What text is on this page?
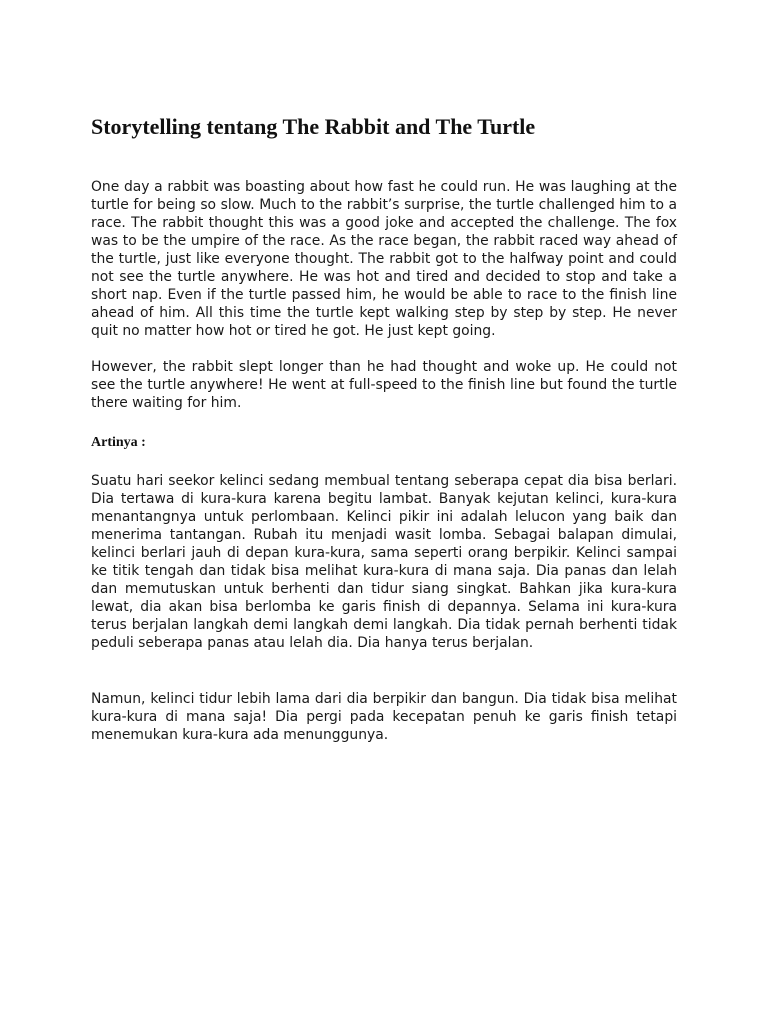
Storytelling tentang The Rabbit and The Turtle

One day a rabbit was boasting about how fast he could run. He was laughing at the turtle for being so slow. Much to the rabbit’s surprise, the turtle challenged him to a race. The rabbit thought this was a good joke and accepted the challenge. The fox was to be the umpire of the race. As the race began, the rabbit raced way ahead of the turtle, just like everyone thought. The rabbit got to the halfway point and could not see the turtle anywhere. He was hot and tired and decided to stop and take a short nap. Even if the turtle passed him, he would be able to race to the finish line ahead of him. All this time the turtle kept walking step by step by step. He never quit no matter how hot or tired he got. He just kept going.

However, the rabbit slept longer than he had thought and woke up. He could not see the turtle anywhere! He went at full-speed to the finish line but found the turtle there waiting for him.

Artinya :

Suatu hari seekor kelinci sedang membual tentang seberapa cepat dia bisa berlari. Dia tertawa di kura-kura karena begitu lambat. Banyak kejutan kelinci, kura-kura menantangnya untuk perlombaan. Kelinci pikir ini adalah lelucon yang baik dan menerima tantangan. Rubah itu menjadi wasit lomba. Sebagai balapan dimulai, kelinci berlari jauh di depan kura-kura, sama seperti orang berpikir. Kelinci sampai ke titik tengah dan tidak bisa melihat kura-kura di mana saja. Dia panas dan lelah dan memutuskan untuk berhenti dan tidur siang singkat. Bahkan jika kura-kura lewat, dia akan bisa berlomba ke garis finish di depannya. Selama ini kura-kura terus berjalan langkah demi langkah demi langkah. Dia tidak pernah berhenti tidak peduli seberapa panas atau lelah dia. Dia hanya terus berjalan.

Namun, kelinci tidur lebih lama dari dia berpikir dan bangun. Dia tidak bisa melihat kura-kura di mana saja! Dia pergi pada kecepatan penuh ke garis finish tetapi menemukan kura-kura ada menunggunya.
